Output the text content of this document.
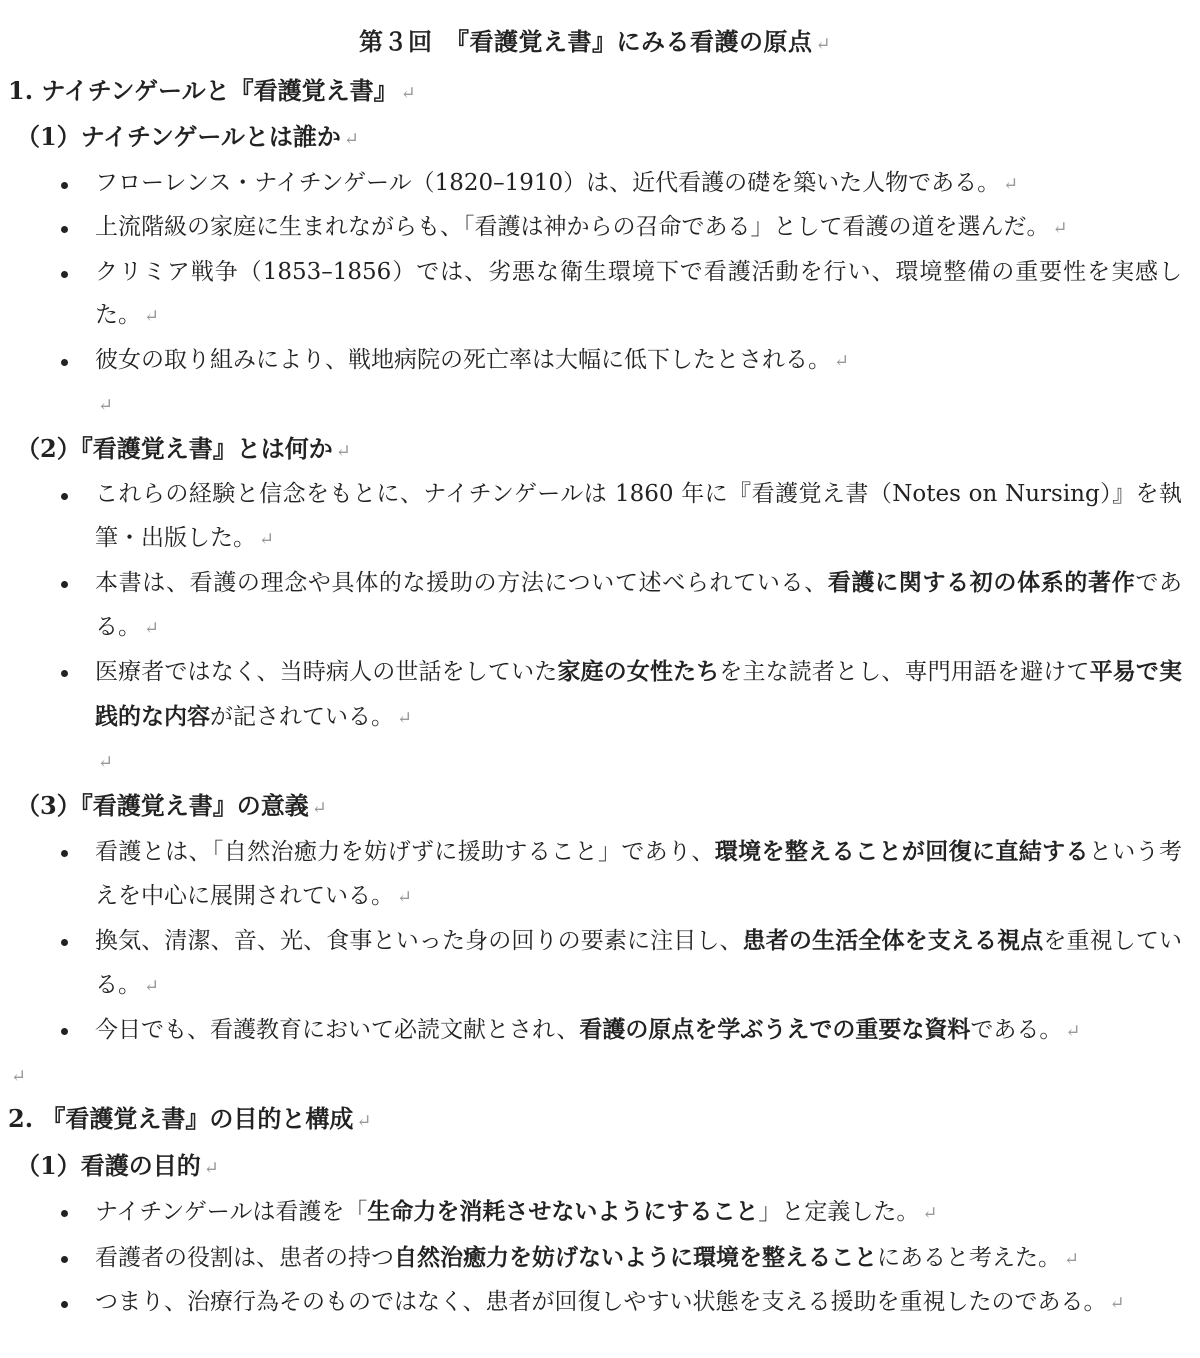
第３回　『看護覚え書』にみる看護の原点 ↵
1. ナイチンゲールと『看護覚え書』 ↵
（1）ナイチンゲールとは誰か ↵
フローレンス・ナイチンゲール（1820–1910）は、近代看護の礎を築いた人物である。 ↵
上流階級の家庭に生まれながらも、「看護は神からの召命である」として看護の道を選んだ。 ↵
クリミア戦争（1853–1856）では、劣悪な衛生環境下で看護活動を行い、環境整備の重要性を実感した。 ↵
彼女の取り組みにより、戦地病院の死亡率は大幅に低下したとされる。 ↵
↵
（2）『看護覚え書』とは何か ↵
これらの経験と信念をもとに、ナイチンゲールは 1860 年に『看護覚え書（Notes on Nursing）』を執筆・出版した。 ↵
本書は、看護の理念や具体的な援助の方法について述べられている、看護に関する初の体系的著作である。 ↵
医療者ではなく、当時病人の世話をしていた家庭の女性たちを主な読者とし、専門用語を避けて平易で実践的な内容が記されている。 ↵
↵
（3）『看護覚え書』の意義 ↵
看護とは、「自然治癒力を妨げずに援助すること」であり、環境を整えることが回復に直結するという考えを中心に展開されている。 ↵
換気、清潔、音、光、食事といった身の回りの要素に注目し、患者の生活全体を支える視点を重視している。 ↵
今日でも、看護教育において必読文献とされ、看護の原点を学ぶうえでの重要な資料である。 ↵
↵
2. 『看護覚え書』の目的と構成 ↵
（1）看護の目的 ↵
ナイチンゲールは看護を「生命力を消耗させないようにすること」と定義した。 ↵
看護者の役割は、患者の持つ自然治癒力を妨げないように環境を整えることにあると考えた。 ↵
つまり、治療行為そのものではなく、患者が回復しやすい状態を支える援助を重視したのである。 ↵
